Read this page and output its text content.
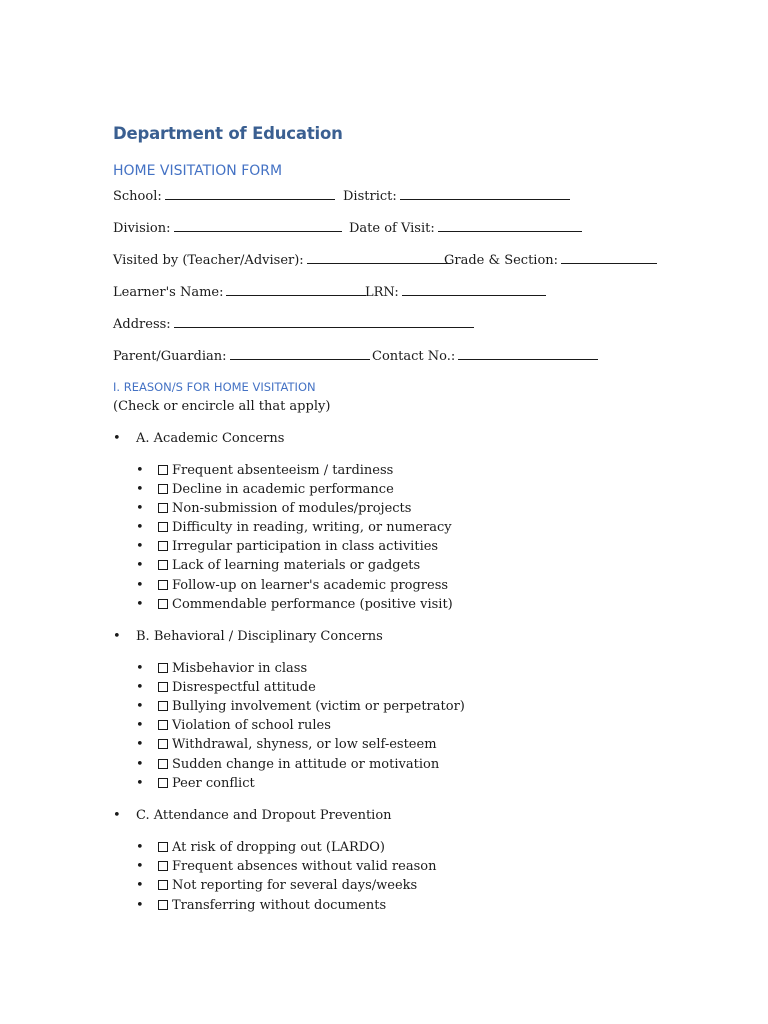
Department of Education
HOME VISITATION FORM
School:	District:
Division:	Date of Visit:
Visited by (Teacher/Adviser):	Grade & Section:
Learner's Name:	LRN:
Address:
Parent/Guardian:	Contact No.:
I. REASON/S FOR HOME VISITATION
(Check or encircle all that apply)
• A. Academic Concerns
•	Frequent absenteeism / tardiness
•	Decline in academic performance
•	Non-submission of modules/projects
•	Difficulty in reading, writing, or numeracy
•	Irregular participation in class activities
•	Lack of learning materials or gadgets
•	Follow-up on learner's academic progress
•	Commendable performance (positive visit)
• B. Behavioral / Disciplinary Concerns
•	Misbehavior in class
•	Disrespectful attitude
•	Bullying involvement (victim or perpetrator)
•	Violation of school rules
•	Withdrawal, shyness, or low self-esteem
•	Sudden change in attitude or motivation
•	Peer conflict
• C. Attendance and Dropout Prevention
•	At risk of dropping out (LARDO)
•	Frequent absences without valid reason
•	Not reporting for several days/weeks
•	Transferring without documents
